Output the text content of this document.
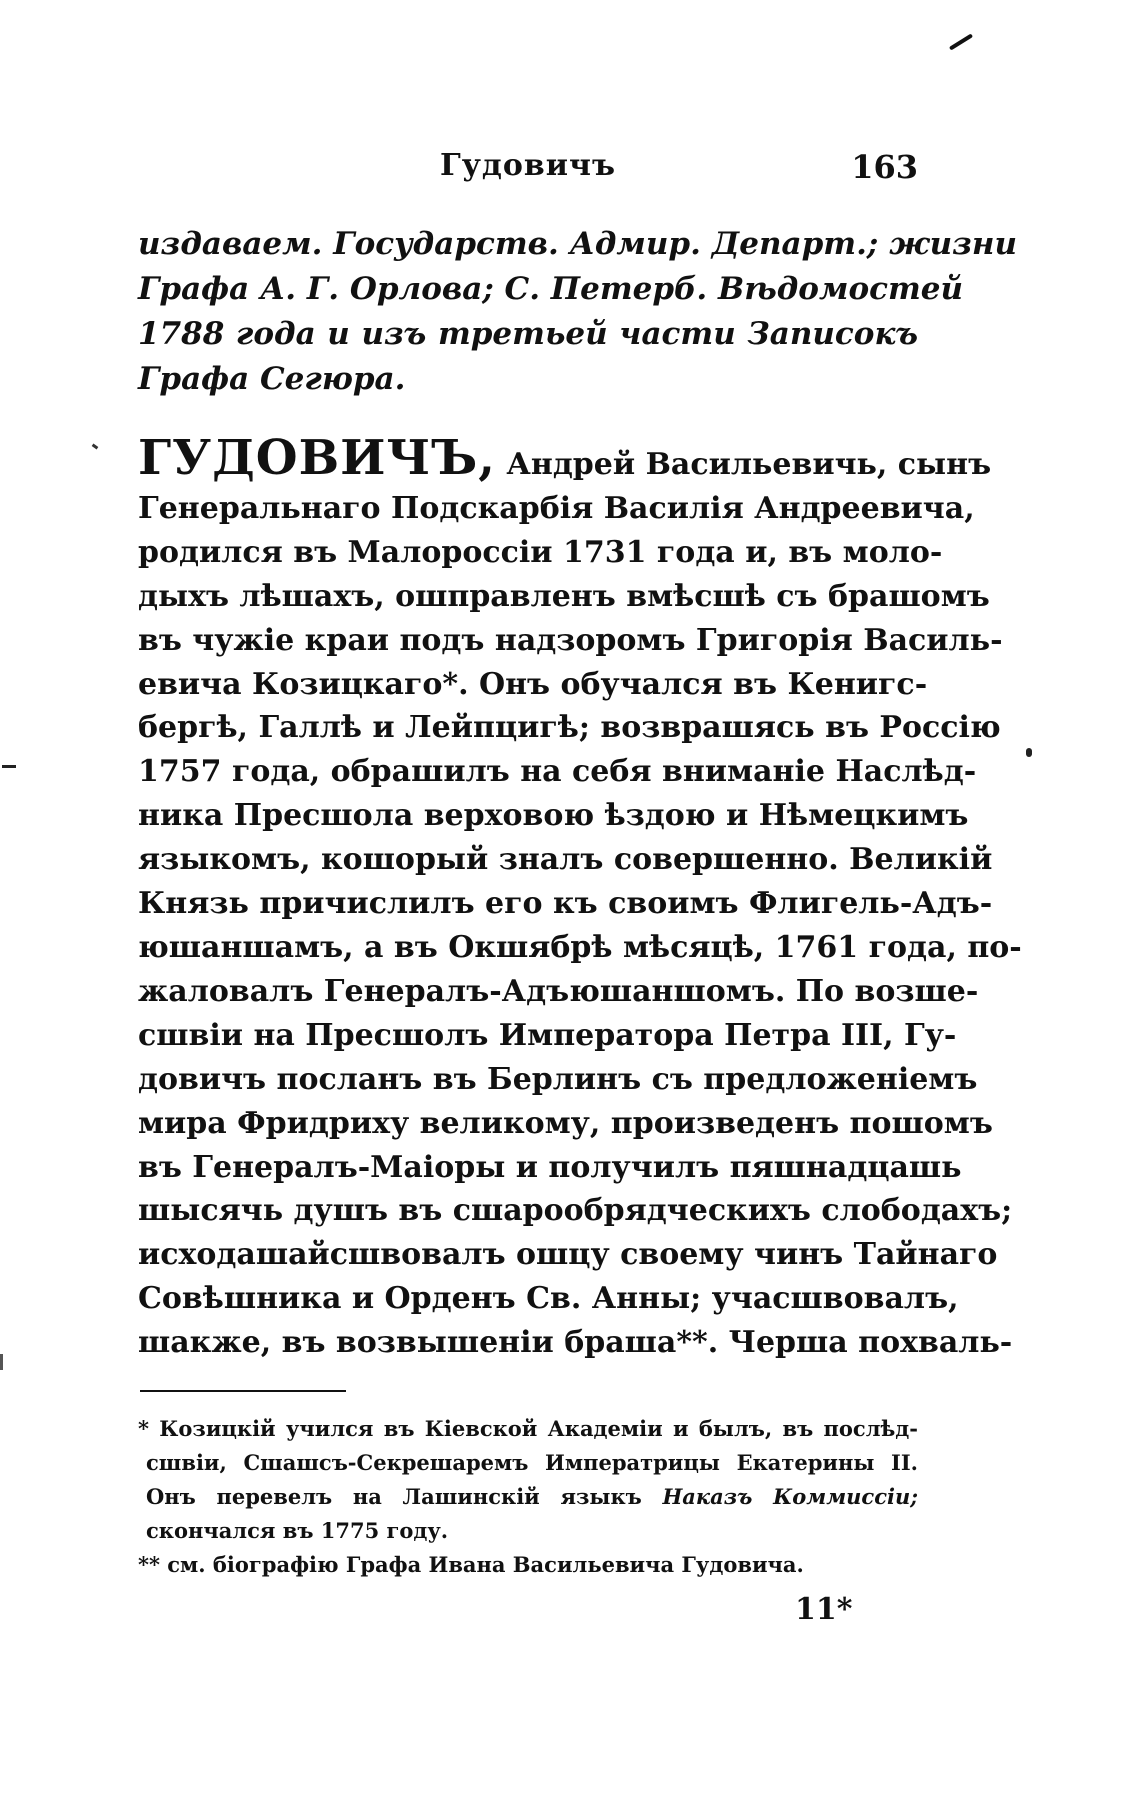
Гудовичъ	163
издаваем. Государств. Адмир. Департ.; жизни
Графа А. Г. Орлова; С. Петерб. Вѣдомостей
1788 года и изъ третьей части Записокъ
Графа Сегюра.
ГУДОВИЧЪ, Андрей Васильевичь, сынъ
Генеральнаго Подскарбія Василія Андреевича,
родился въ Малороссіи 1731 года и, въ моло-
дыхъ лѣшахъ, ошправленъ вмѣсшѣ съ брашомъ
въ чужіе краи подъ надзоромъ Григорія Василь-
евича Козицкаго*. Онъ обучался въ Кенигс-
бергѣ, Галлѣ и Лейпцигѣ; возврашясь въ Россію
1757 года, обрашилъ на себя вниманіе Наслѣд-
ника Пресшола верховою ѣздою и Нѣмецкимъ
языкомъ, кошорый зналъ совершенно. Великій
Князь причислилъ его къ своимъ Флигель-Адъ-
юшаншамъ, а въ Окшябрѣ мѣсяцѣ, 1761 года, по-
жаловалъ Генералъ-Адъюшаншомъ. По возше-
сшвіи на Пресшолъ Императора Петра III, Гу-
довичъ посланъ въ Берлинъ съ предложеніемъ
мира Фридриху великому, произведенъ пошомъ
въ Генералъ-Маіоры и получилъ пяшнадцашь
шысячь душъ въ сшарообрядческихъ слободахъ;
исходашайсшвовалъ ошцу своему чинъ Тайнаго
Совѣшника и Орденъ Св. Анны; учасшвовалъ,
шакже, въ возвышеніи браша**. Черша похваль-
* Козицкій учился въ Кіевской Академіи и былъ, въ послѣд-
сшвіи, Сшашсъ-Секрешаремъ Императрицы Екатерины II.
Онъ перевелъ на Лашинскій языкъ Наказъ Коммиссіи;
скончался въ 1775 году.
** см. біографію Графа Ивана Васильевича Гудовича.
11*
